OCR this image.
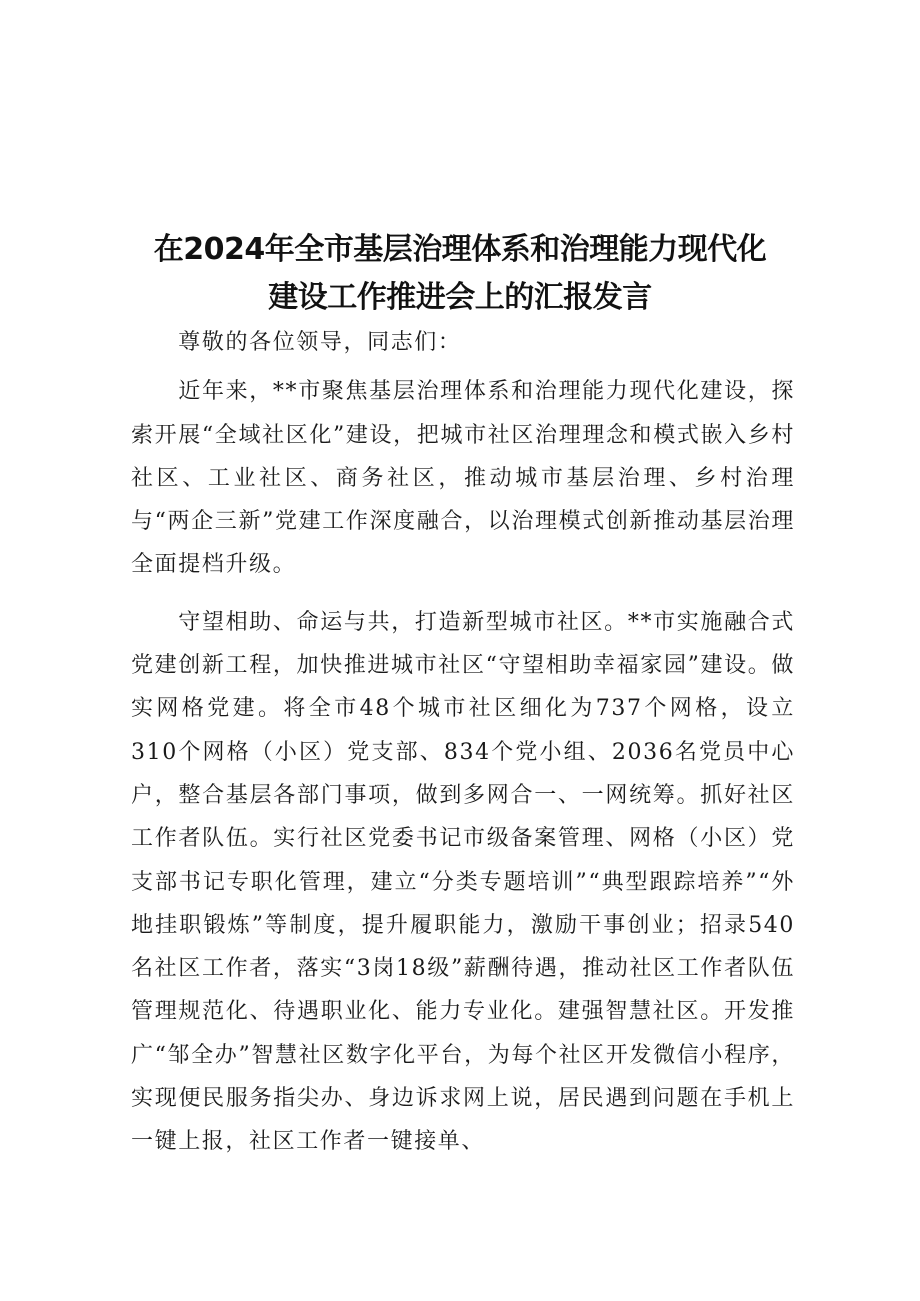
在2024年全市基层治理体系和治理能力现代化
建设工作推进会上的汇报发言

尊敬的各位领导，同志们：

近年来，**市聚焦基层治理体系和治理能力现代化建设，探索开展“全域社区化”建设，把城市社区治理理念和模式嵌入乡村社区、工业社区、商务社区，推动城市基层治理、乡村治理与“两企三新”党建工作深度融合，以治理模式创新推动基层治理全面提档升级。

守望相助、命运与共，打造新型城市社区。**市实施融合式党建创新工程，加快推进城市社区“守望相助幸福家园”建设。做实网格党建。将全市48个城市社区细化为737个网格，设立310个网格（小区）党支部、834个党小组、2036名党员中心户，整合基层各部门事项，做到多网合一、一网统筹。抓好社区工作者队伍。实行社区党委书记市级备案管理、网格（小区）党支部书记专职化管理，建立“分类专题培训”“典型跟踪培养”“外地挂职锻炼”等制度，提升履职能力，激励干事创业；招录540名社区工作者，落实“3岗18级”薪酬待遇，推动社区工作者队伍管理规范化、待遇职业化、能力专业化。建强智慧社区。开发推广“邹全办”智慧社区数字化平台，为每个社区开发微信小程序，实现便民服务指尖办、身边诉求网上说，居民遇到问题在手机上一键上报，社区工作者一键接单、
